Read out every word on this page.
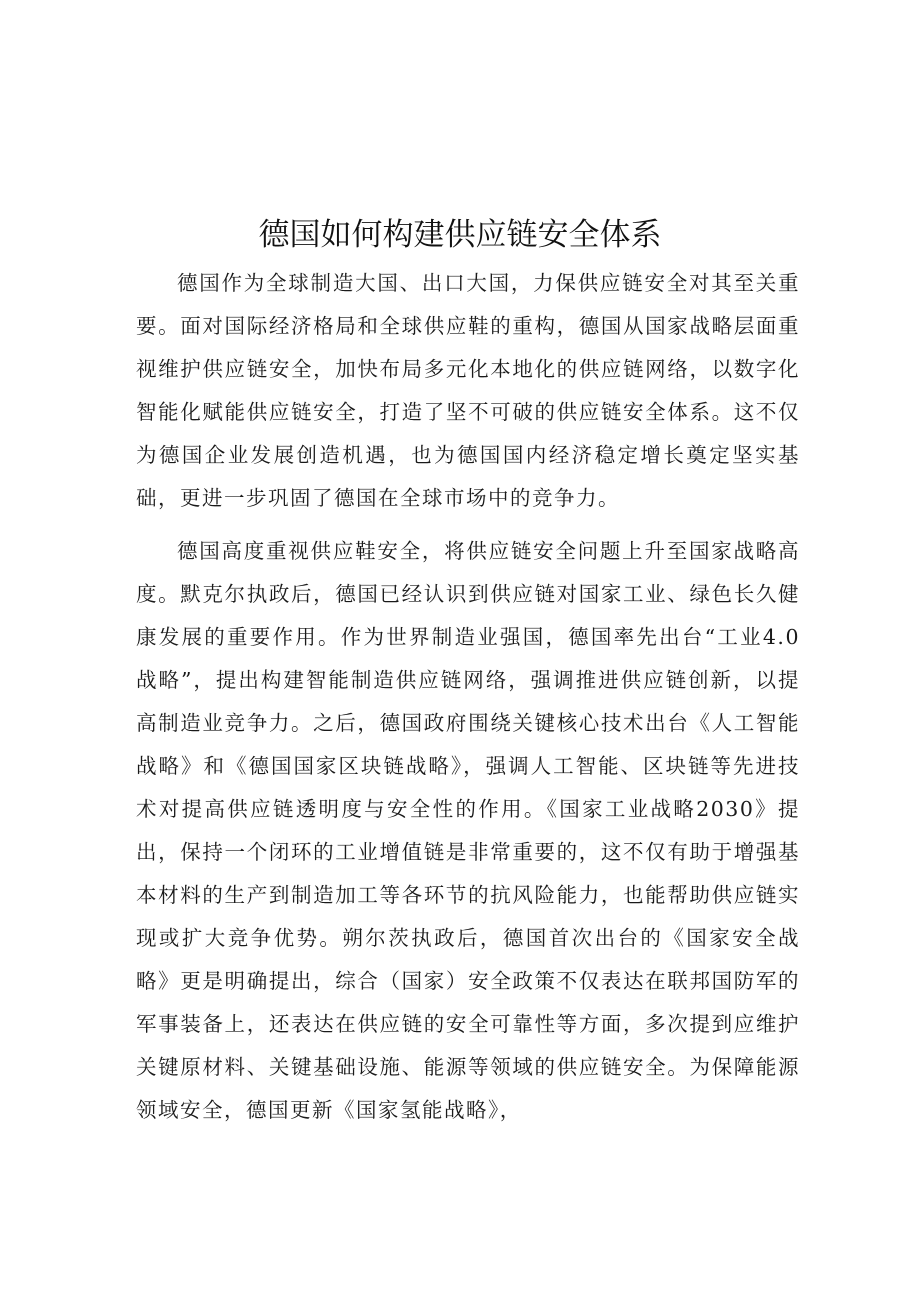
德国如何构建供应链安全体系

德国作为全球制造大国、出口大国，力保供应链安全对其至关重要。面对国际经济格局和全球供应鞋的重构，德国从国家战略层面重视维护供应链安全，加快布局多元化本地化的供应链网络，以数字化智能化赋能供应链安全，打造了坚不可破的供应链安全体系。这不仅为德国企业发展创造机遇，也为德国国内经济稳定增长奠定坚实基础，更进一步巩固了德国在全球市场中的竞争力。

德国高度重视供应鞋安全，将供应链安全问题上升至国家战略高度。默克尔执政后，德国已经认识到供应链对国家工业、绿色长久健康发展的重要作用。作为世界制造业强国，德国率先出台“工业4.0战略”，提出构建智能制造供应链网络，强调推进供应链创新，以提高制造业竞争力。之后，德国政府围绕关键核心技术出台《人工智能战略》和《德国国家区块链战略》，强调人工智能、区块链等先进技术对提高供应链透明度与安全性的作用。《国家工业战略2030》提出，保持一个闭环的工业增值链是非常重要的，这不仅有助于增强基本材料的生产到制造加工等各环节的抗风险能力，也能帮助供应链实现或扩大竞争优势。朔尔茨执政后，德国首次出台的《国家安全战略》更是明确提出，综合（国家）安全政策不仅表达在联邦国防军的军事装备上，还表达在供应链的安全可靠性等方面，多次提到应维护关键原材料、关键基础设施、能源等领域的供应链安全。为保障能源领域安全，德国更新《国家氢能战略》，
